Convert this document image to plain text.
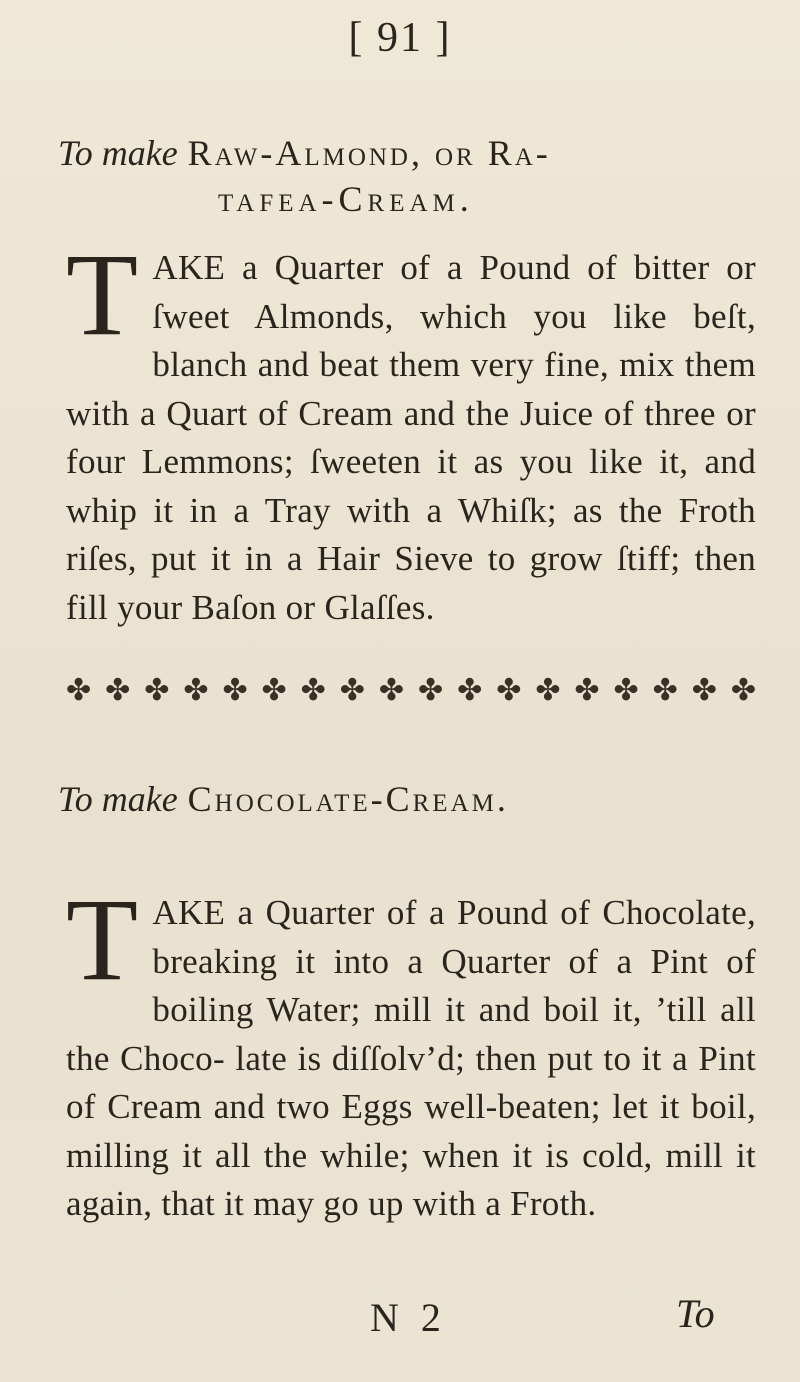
[ 91 ]
To make Raw-Almond, or Ra-
tafea-Cream.
T AKE a Quarter of a Pound of bitter or ſweet Almonds, which you like beſt, blanch and beat them very fine, mix them with a Quart of Cream and the Juice of three or four Lemmons; ſweeten it as you like it, and whip it in a Tray with a Whiſk; as the Froth riſes, put it in a Hair Sieve to grow ſtiff; then fill your Baſon or Glaſſes.
✤ ✤ ✤ ✤ ✤ ✤ ✤ ✤ ✤ ✤ ✤ ✤ ✤ ✤ ✤ ✤ ✤ ✤
To make Chocolate-Cream.
T AKE a Quarter of a Pound of Chocolate, breaking it into a Quarter of a Pint of boiling Water; mill it and boil it, ’till all the Choco- late is diſſolv’d; then put to it a Pint of Cream and two Eggs well-beaten; let it boil, milling it all the while; when it is cold, mill it again, that it may go up with a Froth.
N 2	To
